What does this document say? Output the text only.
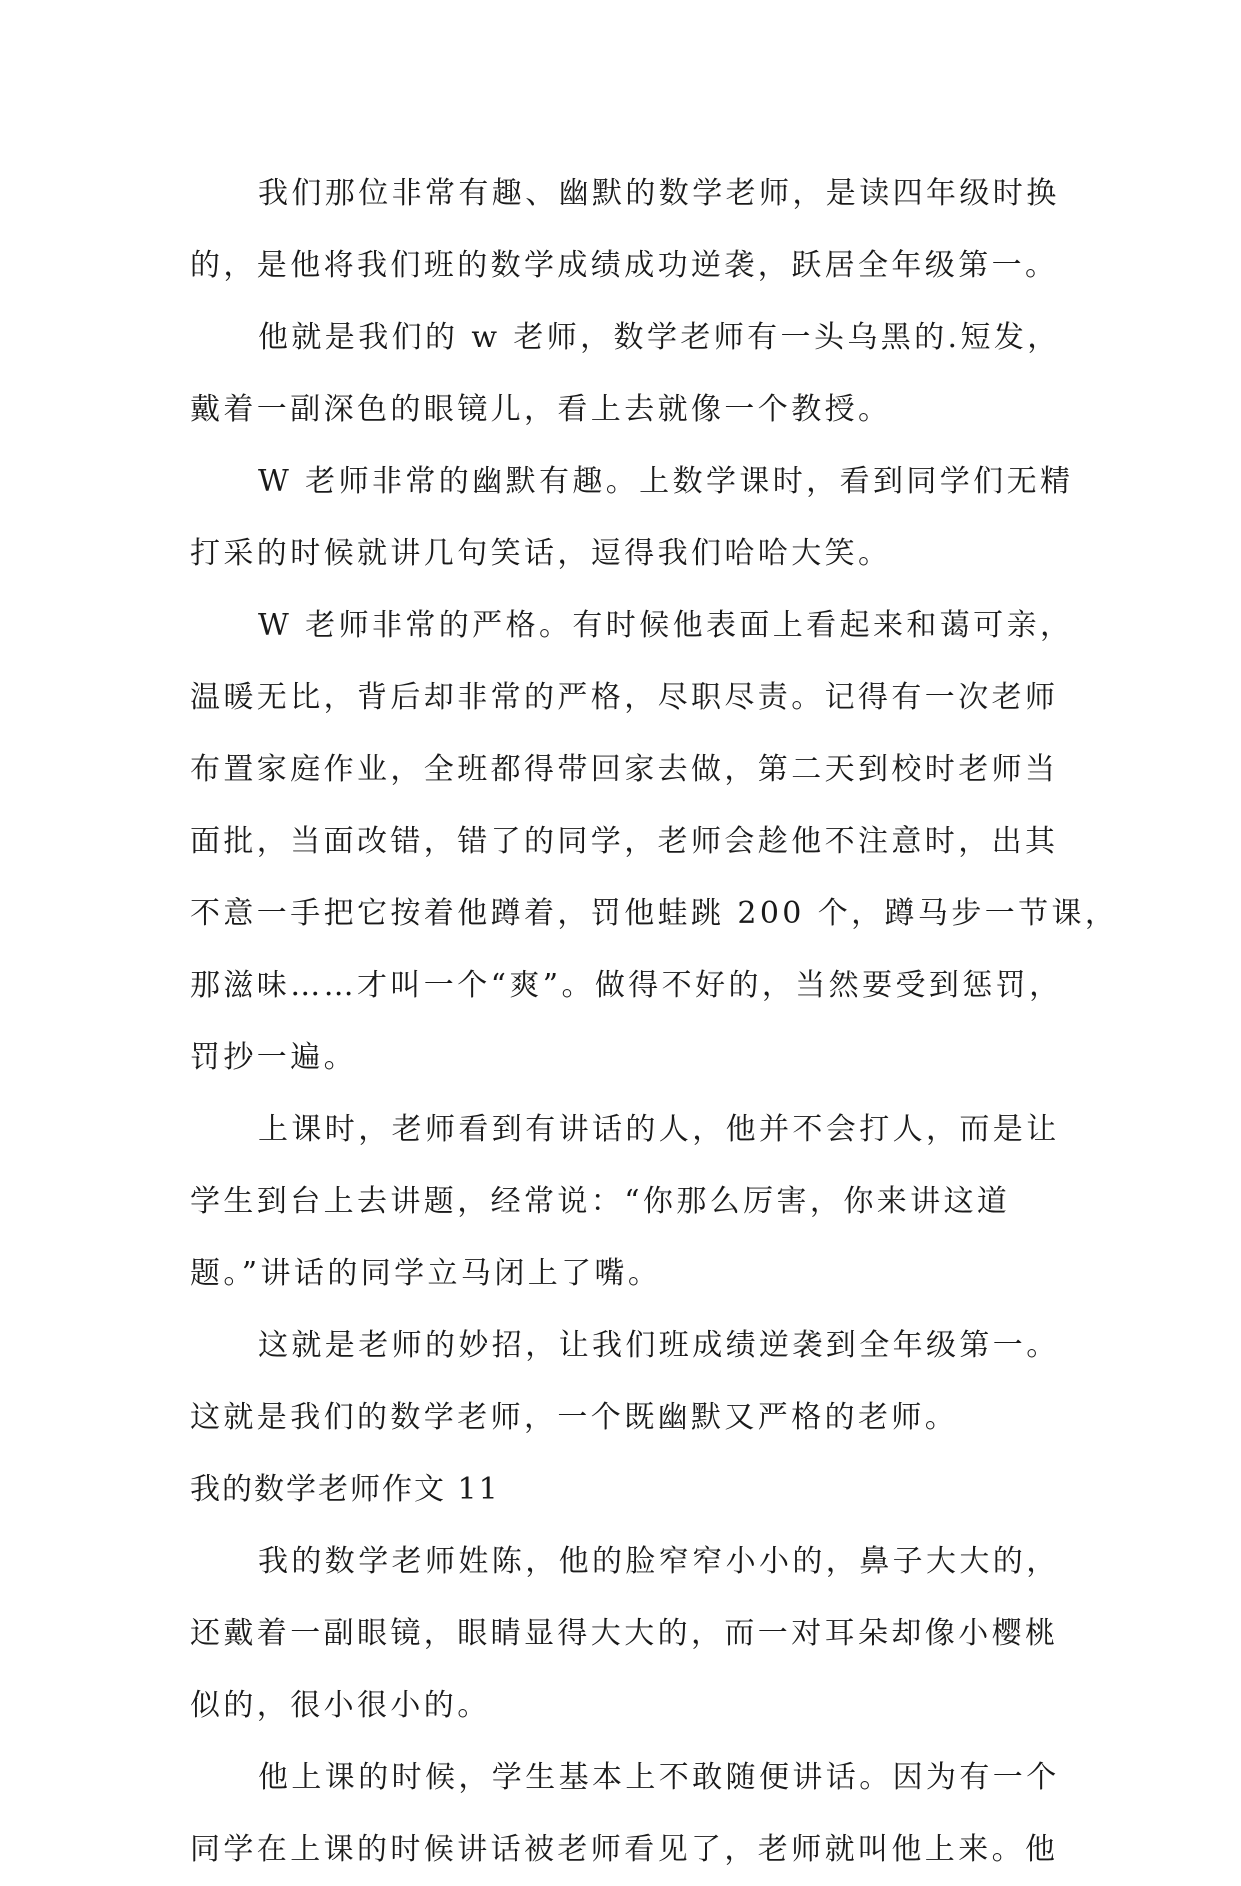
我们那位非常有趣、幽默的数学老师，是读四年级时换
的，是他将我们班的数学成绩成功逆袭，跃居全年级第一。
他就是我们的 w 老师，数学老师有一头乌黑的.短发，
戴着一副深色的眼镜儿，看上去就像一个教授。
W 老师非常的幽默有趣。上数学课时，看到同学们无精
打采的时候就讲几句笑话，逗得我们哈哈大笑。
W 老师非常的严格。有时候他表面上看起来和蔼可亲，
温暖无比，背后却非常的严格，尽职尽责。记得有一次老师
布置家庭作业，全班都得带回家去做，第二天到校时老师当
面批，当面改错，错了的同学，老师会趁他不注意时，出其
不意一手把它按着他蹲着，罚他蛙跳 200 个，蹲马步一节课，
那滋味……才叫一个“爽”。做得不好的，当然要受到惩罚，
罚抄一遍。
上课时，老师看到有讲话的人，他并不会打人，而是让
学生到台上去讲题，经常说：“你那么厉害，你来讲这道
题。”讲话的同学立马闭上了嘴。
这就是老师的妙招，让我们班成绩逆袭到全年级第一。
这就是我们的数学老师，一个既幽默又严格的老师。
我的数学老师作文 11
我的数学老师姓陈，他的脸窄窄小小的，鼻子大大的，
还戴着一副眼镜，眼睛显得大大的，而一对耳朵却像小樱桃
似的，很小很小的。
他上课的时候，学生基本上不敢随便讲话。因为有一个
同学在上课的时候讲话被老师看见了，老师就叫他上来。他
